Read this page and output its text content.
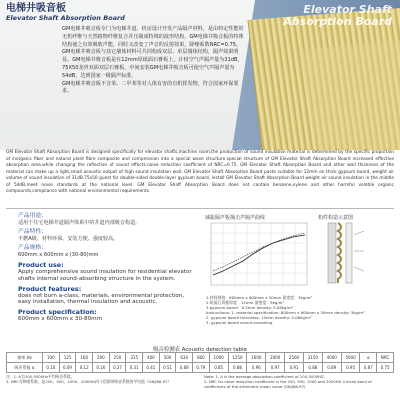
电梯井吸音板
Elevator Shaft Absorption Board
Elevator Shaft
Absorption Board

GM电梯井吸音板专门为电梯井道、机房设计开发产品隔声材料，是由特定性能的无机纤维与天然植物纤维复合并压制成特殊的波形结构，GM电梯井吸音板的特殊结构使之有效吸收声能，同时又改变了声音的反射效果，降噪系数NRC=0.75。GM电梯井吸音板与其它墙体材料可共同构成双层、单层墙体结构，隔声效果明显。GM电梯井吸音板是在12mm厚纸面石膏板上，计权空气声隔声量为31dB，75X50龙骨双面双层石膏板，中间安装GM电梯井吸音板可使空气声隔声量为54dB，达到国家一级隔声标准。

GM电梯井吸音板不含苯、二甲苯等对人体有害的有机挥发物，符合国家环保要求。

GM Elevator Shaft Absorption Board is designed specifically for elevator shafts,machine room,the production of sound insulation material is determined by the specific proportion of inorganic fiber and natural plant fibre composite and compression into a special wave structure.special structure of GM Elevator Shaft Absorption Board increased effective absorption area,while changing the reflection of sound effects.noise reduction coefficient of NRC=0.75. GM Elevator Shaft Absorption Board and other wall thickness of the material can make up a light,small acoustic output of high sound insulation wall. GM Elevator Shaft Absorption Board paste suitable for 12mm on thick gypsum board, weight air volume of sound insulation of 31dB.75x50 guest for double-sided double-layer gypsum board, install GM Elevator Shaft Absorption Board weight air sound insulation in the middle of 54dB,meet noise standards at the national level. GM Elevator Shaft Absorption Board does not contain benzene,xylene and other harmful volatile organic compounds,compliance with national environmental requirements.
产品用途：
适用于住宅电梯井道隔声体系中的井道内部吸音构造。
产品特性：
不燃A级、材料环保、安装方便、强度较高。
产品规格：
600mm x 600mm x (30-80)mm
Product use:
Apply comprehensive sound insulation for residential elevator shafts internal sound-absorbing structure in the system.
Product features:
does not burn a-class, materials, environmental protection, easy installation, thermal insulation and acoustic.
Product specification:
600mm x 600mm x 30-80mm
减振隔声板撞击声隔声曲线	构件构造示意图
1.材料规格：600mm x 600mm x 50mm 面密度：3kg/m²
2.纸面石膏板厚度：12mm 面密度：9kg/m²
3.gypsum board：0.5mm density: 3.08kg/m²
Instructions: 1. material specification: 600mm x 600mm x 50mm density: 3kg/m²
2. gypsum board thickness: 12mm density: 9.08kg/m²
3. gypsum board sound-insulating
吸音检测表 Acoustic detection table
频率 Hz	100	125	160	200	250	315	400	500	630	800	1000	1250	1600	2000	2500	3150	4000	5000	α	NRC
吸声系数 α	0.10	0.09	0.12	0.16	0.27	0.31	0.41	0.51	0.68	0.79	0.85	0.88	0.96	0.97	0.91	0.88	0.89	0.95	0.87	0.75
注：1. A为100-5000Hz平均吸音系数。	Note: 1. A is the average absorption coefficient of 100-5000HZ.
2. NRC为降噪系数，是250、500、1000、2000Hz四个倍频带吸音系数的平均值（GB/J88-97）	2. NRC for noise reduction coefficient is the 250, 500, 1000 and 2000HZ 4 three band of coefficients of the arithmetic mean value (GB/J88-97)
